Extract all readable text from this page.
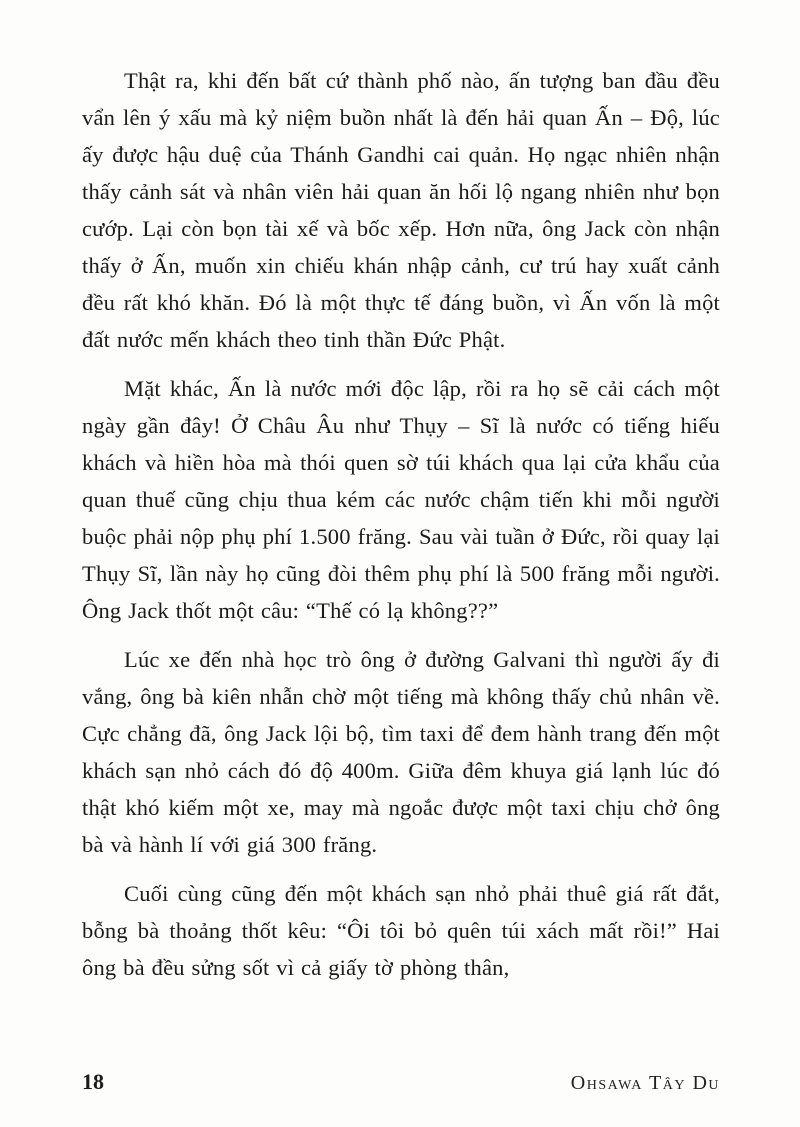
Thật ra, khi đến bất cứ thành phố nào, ấn tượng ban đầu đều vẩn lên ý xấu mà kỷ niệm buồn nhất là đến hải quan Ấn – Độ, lúc ấy được hậu duệ của Thánh Gandhi cai quản. Họ ngạc nhiên nhận thấy cảnh sát và nhân viên hải quan ăn hối lộ ngang nhiên như bọn cướp. Lại còn bọn tài xế và bốc xếp. Hơn nữa, ông Jack còn nhận thấy ở Ấn, muốn xin chiếu khán nhập cảnh, cư trú hay xuất cảnh đều rất khó khăn. Đó là một thực tế đáng buồn, vì Ấn vốn là một đất nước mến khách theo tinh thần Đức Phật.

Mặt khác, Ấn là nước mới độc lập, rồi ra họ sẽ cải cách một ngày gần đây! Ở Châu Âu như Thụy – Sĩ là nước có tiếng hiếu khách và hiền hòa mà thói quen sờ túi khách qua lại cửa khẩu của quan thuế cũng chịu thua kém các nước chậm tiến khi mỗi người buộc phải nộp phụ phí 1.500 frăng. Sau vài tuần ở Đức, rồi quay lại Thụy Sĩ, lần này họ cũng đòi thêm phụ phí là 500 frăng mỗi người. Ông Jack thốt một câu: “Thế có lạ không??”

Lúc xe đến nhà học trò ông ở đường Galvani thì người ấy đi vắng, ông bà kiên nhẫn chờ một tiếng mà không thấy chủ nhân về. Cực chẳng đã, ông Jack lội bộ, tìm taxi để đem hành trang đến một khách sạn nhỏ cách đó độ 400m. Giữa đêm khuya giá lạnh lúc đó thật khó kiếm một xe, may mà ngoắc được một taxi chịu chở ông bà và hành lí với giá 300 frăng.

Cuối cùng cũng đến một khách sạn nhỏ phải thuê giá rất đắt, bỗng bà thoảng thốt kêu: “Ôi tôi bỏ quên túi xách mất rồi!” Hai ông bà đều sửng sốt vì cả giấy tờ phòng thân,

18	Ohsawa Tây Du
